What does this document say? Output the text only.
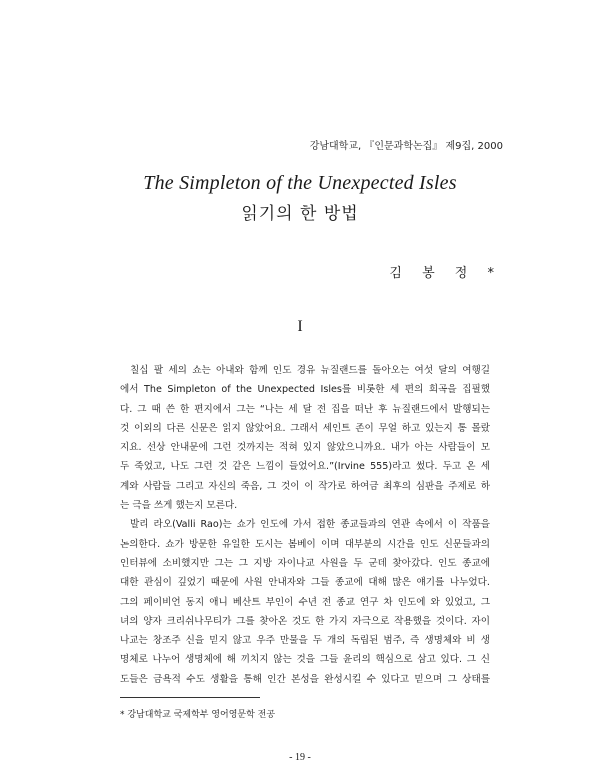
강남대학교, 『인문과학논집』 제9집, 2000
The Simpleton of the Unexpected Isles
읽기의 한 방법
김 봉 정 *
I
칠십 팔 세의 쇼는 아내와 함께 인도 경유 뉴질랜드를 돌아오는 여섯 달의 여행길
에서 The Simpleton of the Unexpected Isles를 비롯한 세 편의 희곡을 집필했
다. 그 때 쓴 한 편지에서 그는 “나는 세 달 전 집을 떠난 후 뉴질랜드에서 발행되는
것 이외의 다른 신문은 읽지 않았어요. 그래서 세인트 존이 무얼 하고 있는지 통 몰랐
지요. 선상 안내문에 그런 것까지는 적혀 있지 않았으니까요. 내가 아는 사람들이 모
두 죽었고, 나도 그런 것 같은 느낌이 들었어요.”(Irvine 555)라고 썼다. 두고 온 세
계와 사람들 그리고 자신의 죽음, 그 것이 이 작가로 하여금 최후의 심판을 주제로 하
는 극을 쓰게 했는지 모른다.
발리 라오(Valli Rao)는 쇼가 인도에 가서 접한 종교들과의 연관 속에서 이 작품을
논의한다. 쇼가 방문한 유일한 도시는 봄베이 이며 대부분의 시간을 인도 신문들과의
인터뷰에 소비했지만 그는 그 지방 자이나교 사원을 두 군데 찾아갔다. 인도 종교에
대한 관심이 깊었기 때문에 사원 안내자와 그들 종교에 대해 많은 얘기를 나누었다.
그의 페이비언 동지 애니 베산트 부인이 수년 전 종교 연구 차 인도에 와 있었고, 그
녀의 양자 크리쉬나무티가 그를 찾아온 것도 한 가지 자극으로 작용했을 것이다. 자이
나교는 창조주 신을 믿지 않고 우주 만물을 두 개의 독립된 범주, 즉 생명체와 비 생
명체로 나누어 생명체에 해 끼치지 않는 것을 그들 윤리의 핵심으로 삼고 있다. 그 신
도들은 금욕적 수도 생활을 통해 인간 본성을 완성시킬 수 있다고 믿으며 그 상태를
* 강남대학교 국제학부 영어영문학 전공
- 19 -
